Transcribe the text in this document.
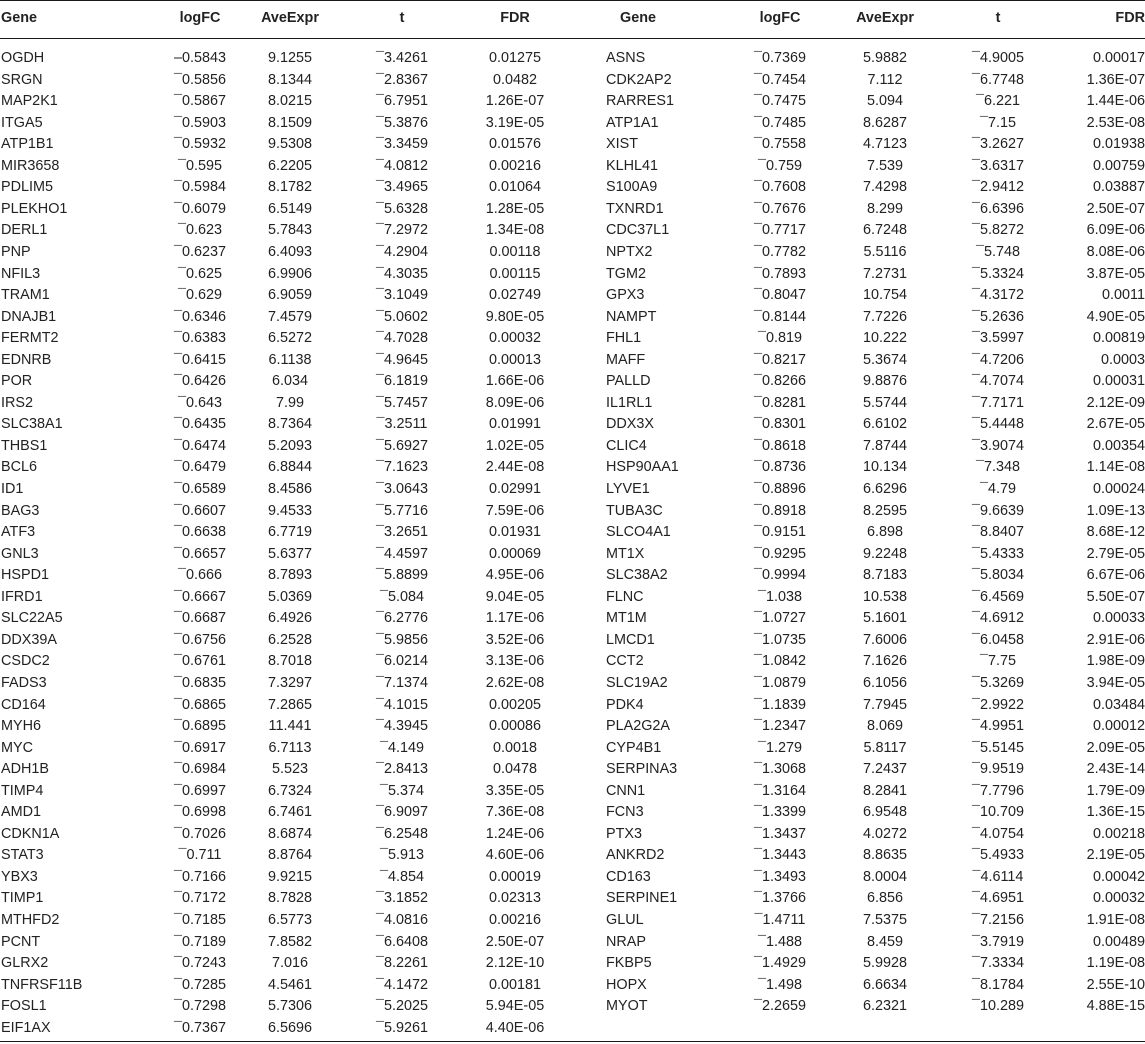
Gene	logFC	AveExpr	t	FDR	Gene	logFC	AveExpr	t	FDR
OGDH	–0.5843	9.1255	¯3.4261	0.01275	ASNS	¯0.7369	5.9882	¯4.9005	0.00017
SRGN	¯0.5856	8.1344	¯2.8367	0.0482	CDK2AP2	¯0.7454	7.112	¯6.7748	1.36E-07
MAP2K1	¯0.5867	8.0215	¯6.7951	1.26E-07	RARRES1	¯0.7475	5.094	¯6.221	1.44E-06
ITGA5	¯0.5903	8.1509	¯5.3876	3.19E-05	ATP1A1	¯0.7485	8.6287	¯7.15	2.53E-08
ATP1B1	¯0.5932	9.5308	¯3.3459	0.01576	XIST	¯0.7558	4.7123	¯3.2627	0.01938
MIR3658	¯0.595	6.2205	¯4.0812	0.00216	KLHL41	¯0.759	7.539	¯3.6317	0.00759
PDLIM5	¯0.5984	8.1782	¯3.4965	0.01064	S100A9	¯0.7608	7.4298	¯2.9412	0.03887
PLEKHO1	¯0.6079	6.5149	¯5.6328	1.28E-05	TXNRD1	¯0.7676	8.299	¯6.6396	2.50E-07
DERL1	¯0.623	5.7843	¯7.2972	1.34E-08	CDC37L1	¯0.7717	6.7248	¯5.8272	6.09E-06
PNP	¯0.6237	6.4093	¯4.2904	0.00118	NPTX2	¯0.7782	5.5116	¯5.748	8.08E-06
NFIL3	¯0.625	6.9906	¯4.3035	0.00115	TGM2	¯0.7893	7.2731	¯5.3324	3.87E-05
TRAM1	¯0.629	6.9059	¯3.1049	0.02749	GPX3	¯0.8047	10.754	¯4.3172	0.0011
DNAJB1	¯0.6346	7.4579	¯5.0602	9.80E-05	NAMPT	¯0.8144	7.7226	¯5.2636	4.90E-05
FERMT2	¯0.6383	6.5272	¯4.7028	0.00032	FHL1	¯0.819	10.222	¯3.5997	0.00819
EDNRB	¯0.6415	6.1138	¯4.9645	0.00013	MAFF	¯0.8217	5.3674	¯4.7206	0.0003
POR	¯0.6426	6.034	¯6.1819	1.66E-06	PALLD	¯0.8266	9.8876	¯4.7074	0.00031
IRS2	¯0.643	7.99	¯5.7457	8.09E-06	IL1RL1	¯0.8281	5.5744	¯7.7171	2.12E-09
SLC38A1	¯0.6435	8.7364	¯3.2511	0.01991	DDX3X	¯0.8301	6.6102	¯5.4448	2.67E-05
THBS1	¯0.6474	5.2093	¯5.6927	1.02E-05	CLIC4	¯0.8618	7.8744	¯3.9074	0.00354
BCL6	¯0.6479	6.8844	¯7.1623	2.44E-08	HSP90AA1	¯0.8736	10.134	¯7.348	1.14E-08
ID1	¯0.6589	8.4586	¯3.0643	0.02991	LYVE1	¯0.8896	6.6296	¯4.79	0.00024
BAG3	¯0.6607	9.4533	¯5.7716	7.59E-06	TUBA3C	¯0.8918	8.2595	¯9.6639	1.09E-13
ATF3	¯0.6638	6.7719	¯3.2651	0.01931	SLCO4A1	¯0.9151	6.898	¯8.8407	8.68E-12
GNL3	¯0.6657	5.6377	¯4.4597	0.00069	MT1X	¯0.9295	9.2248	¯5.4333	2.79E-05
HSPD1	¯0.666	8.7893	¯5.8899	4.95E-06	SLC38A2	¯0.9994	8.7183	¯5.8034	6.67E-06
IFRD1	¯0.6667	5.0369	¯5.084	9.04E-05	FLNC	¯1.038	10.538	¯6.4569	5.50E-07
SLC22A5	¯0.6687	6.4926	¯6.2776	1.17E-06	MT1M	¯1.0727	5.1601	¯4.6912	0.00033
DDX39A	¯0.6756	6.2528	¯5.9856	3.52E-06	LMCD1	¯1.0735	7.6006	¯6.0458	2.91E-06
CSDC2	¯0.6761	8.7018	¯6.0214	3.13E-06	CCT2	¯1.0842	7.1626	¯7.75	1.98E-09
FADS3	¯0.6835	7.3297	¯7.1374	2.62E-08	SLC19A2	¯1.0879	6.1056	¯5.3269	3.94E-05
CD164	¯0.6865	7.2865	¯4.1015	0.00205	PDK4	¯1.1839	7.7945	¯2.9922	0.03484
MYH6	¯0.6895	11.441	¯4.3945	0.00086	PLA2G2A	¯1.2347	8.069	¯4.9951	0.00012
MYC	¯0.6917	6.7113	¯4.149	0.0018	CYP4B1	¯1.279	5.8117	¯5.5145	2.09E-05
ADH1B	¯0.6984	5.523	¯2.8413	0.0478	SERPINA3	¯1.3068	7.2437	¯9.9519	2.43E-14
TIMP4	¯0.6997	6.7324	¯5.374	3.35E-05	CNN1	¯1.3164	8.2841	¯7.7796	1.79E-09
AMD1	¯0.6998	6.7461	¯6.9097	7.36E-08	FCN3	¯1.3399	6.9548	¯10.709	1.36E-15
CDKN1A	¯0.7026	8.6874	¯6.2548	1.24E-06	PTX3	¯1.3437	4.0272	¯4.0754	0.00218
STAT3	¯0.711	8.8764	¯5.913	4.60E-06	ANKRD2	¯1.3443	8.8635	¯5.4933	2.19E-05
YBX3	¯0.7166	9.9215	¯4.854	0.00019	CD163	¯1.3493	8.0004	¯4.6114	0.00042
TIMP1	¯0.7172	8.7828	¯3.1852	0.02313	SERPINE1	¯1.3766	6.856	¯4.6951	0.00032
MTHFD2	¯0.7185	6.5773	¯4.0816	0.00216	GLUL	¯1.4711	7.5375	¯7.2156	1.91E-08
PCNT	¯0.7189	7.8582	¯6.6408	2.50E-07	NRAP	¯1.488	8.459	¯3.7919	0.00489
GLRX2	¯0.7243	7.016	¯8.2261	2.12E-10	FKBP5	¯1.4929	5.9928	¯7.3334	1.19E-08
TNFRSF11B	¯0.7285	4.5461	¯4.1472	0.00181	HOPX	¯1.498	6.6634	¯8.1784	2.55E-10
FOSL1	¯0.7298	5.7306	¯5.2025	5.94E-05	MYOT	¯2.2659	6.2321	¯10.289	4.88E-15
EIF1AX	¯0.7367	6.5696	¯5.9261	4.40E-06
